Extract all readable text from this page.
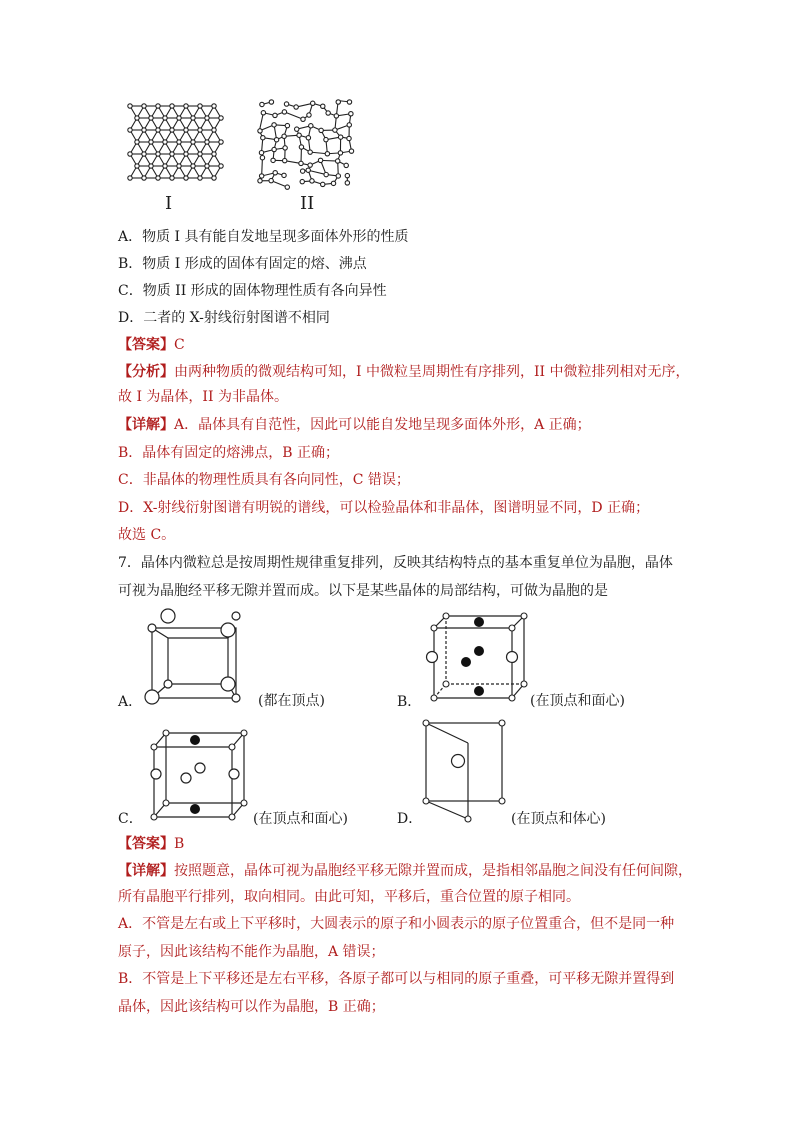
I	II
A．物质 I 具有能自发地呈现多面体外形的性质
B．物质 I 形成的固体有固定的熔、沸点
C．物质 II 形成的固体物理性质有各向异性
D．二者的 X-射线衍射图谱不相同
【答案】C
【分析】由两种物质的微观结构可知，I 中微粒呈周期性有序排列，II 中微粒排列相对无序，
故 I 为晶体，II 为非晶体。
【详解】A．晶体具有自范性，因此可以能自发地呈现多面体外形，A 正确；
B．晶体有固定的熔沸点，B 正确；
C．非晶体的物理性质具有各向同性，C 错误；
D．X-射线衍射图谱有明锐的谱线，可以检验晶体和非晶体，图谱明显不同，D 正确；
故选 C。
7．晶体内微粒总是按周期性规律重复排列，反映其结构特点的基本重复单位为晶胞，晶体
可视为晶胞经平移无隙并置而成。以下是某些晶体的局部结构，可做为晶胞的是
A．	(都在顶点)	B．	(在顶点和面心)
C．	(在顶点和面心)	D．	(在顶点和体心)
【答案】B
【详解】按照题意，晶体可视为晶胞经平移无隙并置而成，是指相邻晶胞之间没有任何间隙，
所有晶胞平行排列，取向相同。由此可知，平移后，重合位置的原子相同。
A．不管是左右或上下平移时，大圆表示的原子和小圆表示的原子位置重合，但不是同一种
原子，因此该结构不能作为晶胞，A 错误；
B．不管是上下平移还是左右平移，各原子都可以与相同的原子重叠，可平移无隙并置得到
晶体，因此该结构可以作为晶胞，B 正确；
